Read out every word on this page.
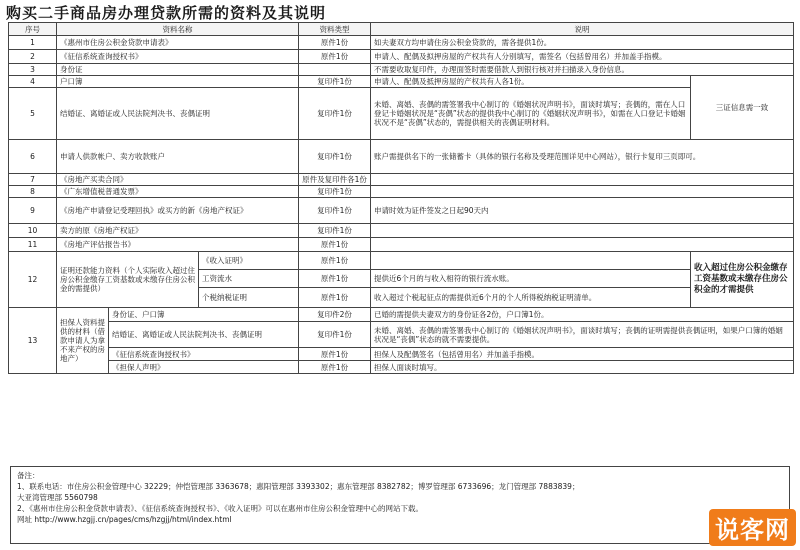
购买二手商品房办理贷款所需的资料及其说明
序号	资料名称			资料类型	说明	
1	《惠州市住房公积金贷款申请表》			原件1份	如夫妻双方均申请住房公积金贷款的，需各提供1份。	
2	《征信系统查询授权书》			原件1份	申请人、配偶及拟押房屋的产权共有人分别填写，需签名（包括曾用名）并加盖手指模。	
3	身份证				不需要收取复印件，办理面签时需要借款人到银行核对并扫描录入身份信息。	
4	户口簿			复印件1份	申请人、配偶及抵押房屋的产权共有人各1份。	三证信息需一致
5	结婚证、离婚证或人民法院判决书、丧偶证明			复印件1份	未婚、离婚、丧偶的需签署我中心制订的《婚姻状况声明书》，面谈时填写；丧偶的，需在人口登记卡婚姻状况是“丧偶”状态的提供我中心制订的《婚姻状况声明书》，如需在人口登记卡婚姻状况不是“丧偶”状态的，需提供相关的丧偶证明材料。	
6	申请人供款帐户、卖方收款账户			复印件1份	账户需提供名下的一张储蓄卡（具体的银行名称及受理范围详见中心网站），银行卡复印三页即可。	
7	《房地产买卖合同》			原件及复印件各1份		
8	《广东增值税普通发票》			复印件1份		
9	《房地产申请登记受理回执》或买方的新《房地产权证》			复印件1份	申请时效为证件签发之日起90天内	
10	卖方的原《房地产权证》			复印件1份		
11	《房地产评估报告书》			原件1份		
12	证明还款能力资料（个人实际收入超过住房公积金缴存工资基数或未缴存住房公积金的需提供）		《收入证明》	原件1份		收入超过住房公积金缴存工资基数或未缴存住房公积金的才需提供
			工资流水	原件1份	提供近6个月的与收入相符的银行流水账。	
			个税纳税证明	原件1份	收入超过个税起征点的需提供近6个月的个人所得税纳税证明清单。	
13	担保人资料提供的材料（借款申请人为拿不来产权的房地产）	身份证、户口簿		复印件2份	已婚的需提供夫妻双方的身份证各2份，户口簿1份。	
		结婚证、离婚证或人民法院判决书、丧偶证明		复印件1份	未婚、离婚、丧偶的需签署我中心制订的《婚姻状况声明书》，面谈时填写；丧偶的证明需提供丧偶证明，如果户口簿的婚姻状况是“丧偶”状态的就不需要提供。	
		《征信系统查询授权书》		原件1份	担保人及配偶签名（包括曾用名）并加盖手指模。	
		《担保人声明》		原件1份	担保人面谈时填写。	
备注：
1、联系电话：市住房公积金管理中心 32229；仲恺管理部 3363678；惠阳管理部 3393302；惠东管理部 8382782；博罗管理部 6733696；龙门管理部 7883839；
大亚湾管理部 5560798
2、《惠州市住房公积金贷款申请表》、《征信系统查询授权书》、《收入证明》可以在惠州市住房公积金管理中心的网站下载。
网址 http://www.hzgjj.cn/pages/cms/hzgjj/html/index.html	说客网
